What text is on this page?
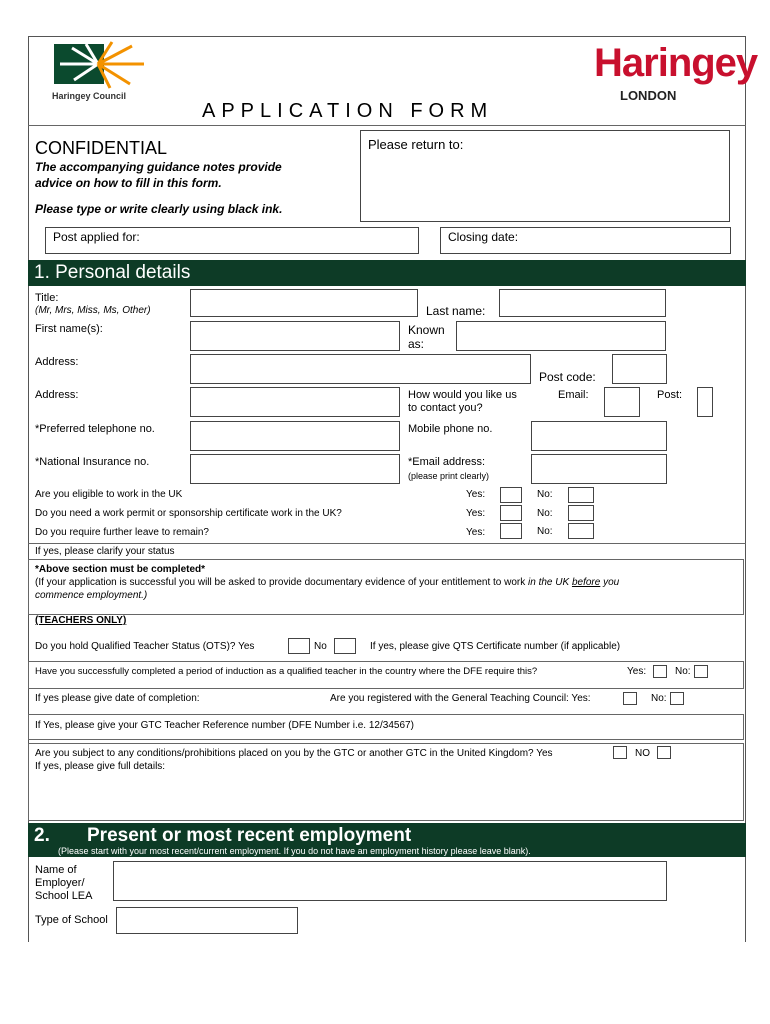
Haringey Council
Haringey
LONDON
APPLICATION FORM
CONFIDENTIAL
The accompanying guidance notes provide
advice on how to fill in this form.
Please type or write clearly using black ink.
Please return to:
Post applied for:	Closing date:
1. Personal details
Title:
(Mr, Mrs, Miss, Ms, Other)	Last name:
First name(s):	Known
as:
Address:
Post code:
Address:	How would you like us
to contact you?
Email:	Post:
*Preferred telephone no.	Mobile phone no.
*National Insurance no.	*Email address:
(please print clearly)
Are you eligible to work in the UK	Yes:	No:
Do you need a work permit or sponsorship certificate work in the UK?	Yes:	No:
Do you require further leave to remain?	Yes:	No:
If yes, please clarify your status
*Above section must be completed*
(If your application is successful you will be asked to provide documentary evidence of your entitlement to work in the UK before you
commence employment.)
(TEACHERS ONLY)
Do you hold Qualified Teacher Status (OTS)? Yes	No	If yes, please give QTS Certificate number (if applicable)
Have you successfully completed a period of induction as a qualified teacher in the country where the DFE require this?	Yes:	No:
If yes please give date of completion:	Are you registered with the General Teaching Council: Yes:	No:
If Yes, please give your GTC Teacher Reference number (DFE Number i.e. 12/34567)
Are you subject to any conditions/prohibitions placed on you by the GTC or another GTC in the United Kingdom? Yes	NO
If yes, please give full details:
2. Present or most recent employment
(Please start with your most recent/current employment. If you do not have an employment history please leave blank).
Name of
Employer/
School LEA
Type of School
